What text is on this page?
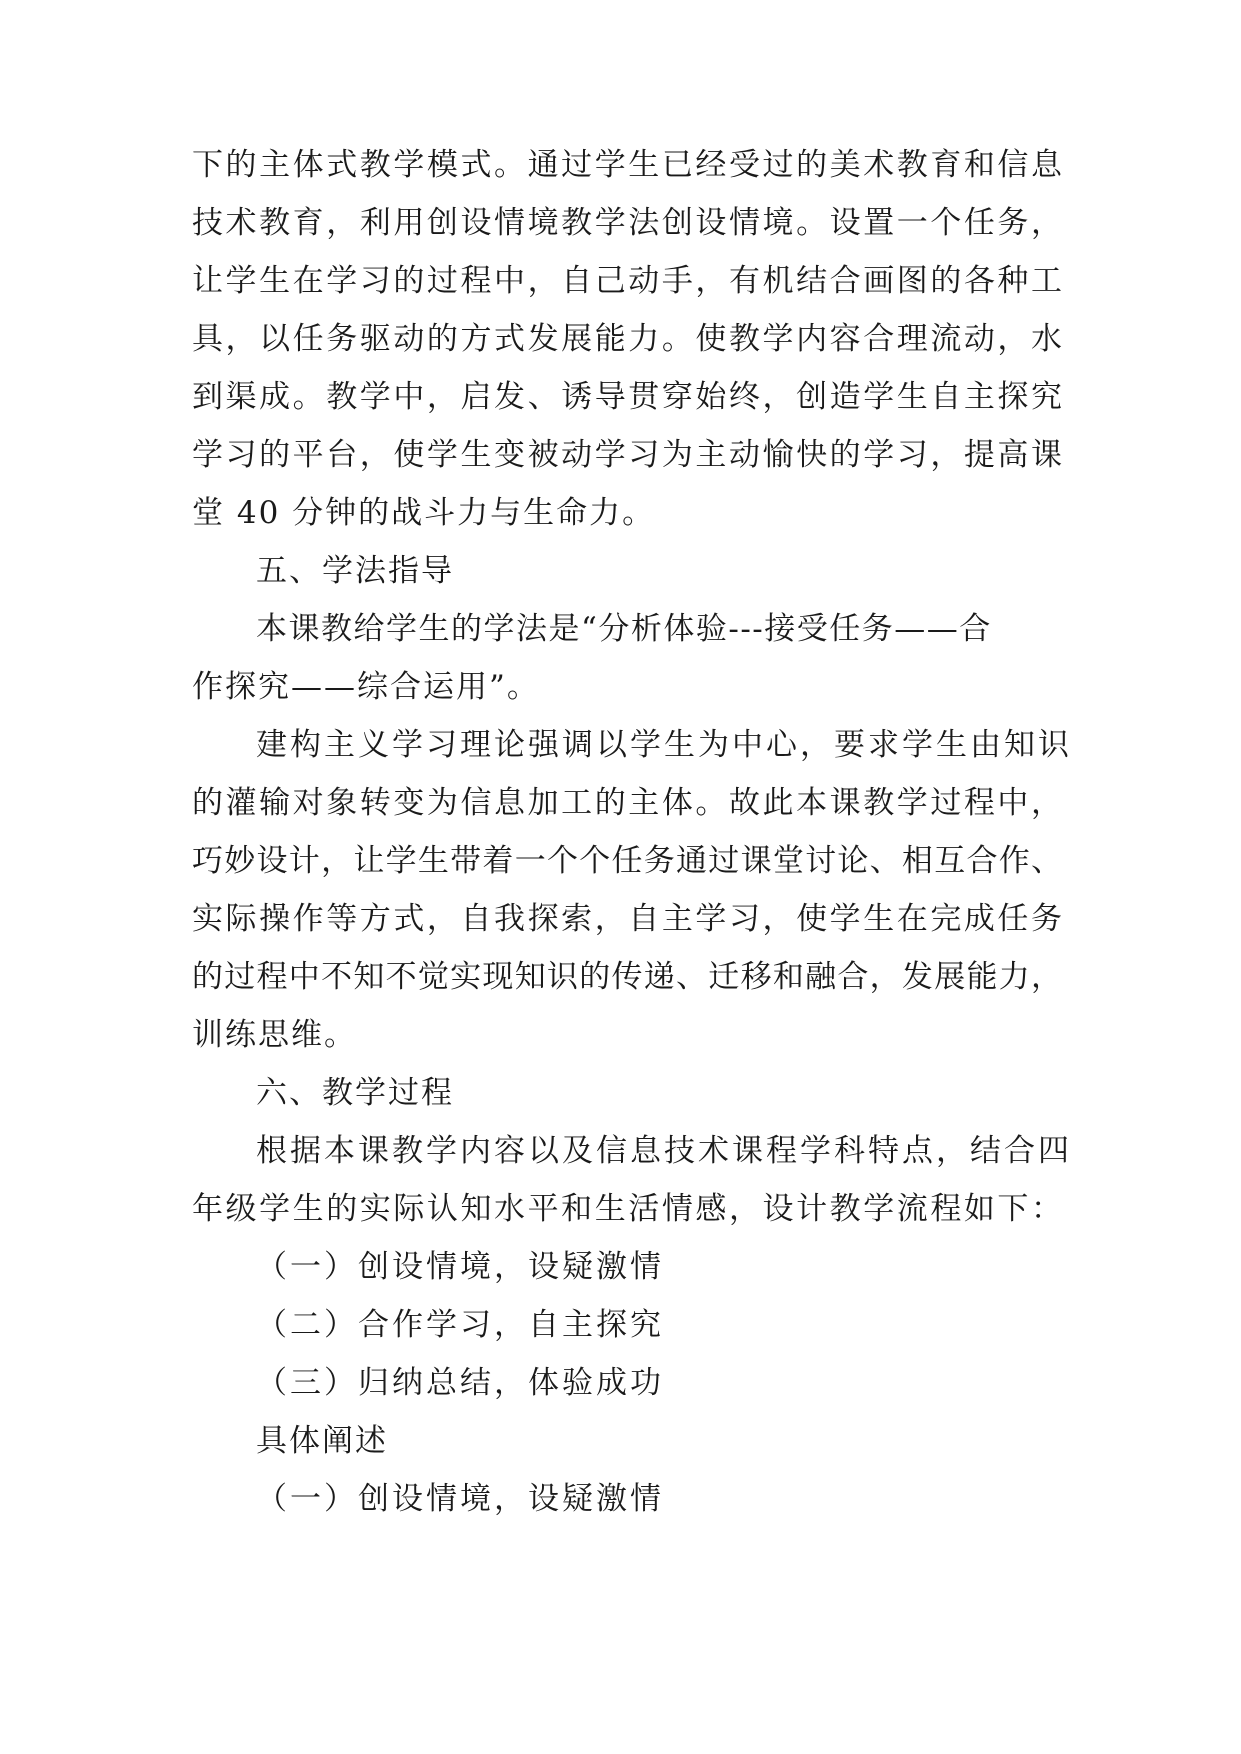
下的主体式教学模式。通过学生已经受过的美术教育和信息
技术教育，利用创设情境教学法创设情境。设置一个任务，
让学生在学习的过程中，自己动手，有机结合画图的各种工
具，以任务驱动的方式发展能力。使教学内容合理流动，水
到渠成。教学中，启发、诱导贯穿始终，创造学生自主探究
学习的平台，使学生变被动学习为主动愉快的学习，提高课
堂 40 分钟的战斗力与生命力。
五、学法指导
本课教给学生的学法是“分析体验---接受任务——合
作探究——综合运用”。
建构主义学习理论强调以学生为中心，要求学生由知识
的灌输对象转变为信息加工的主体。故此本课教学过程中，
巧妙设计，让学生带着一个个任务通过课堂讨论、相互合作、
实际操作等方式，自我探索，自主学习，使学生在完成任务
的过程中不知不觉实现知识的传递、迁移和融合，发展能力，
训练思维。
六、教学过程
根据本课教学内容以及信息技术课程学科特点，结合四
年级学生的实际认知水平和生活情感，设计教学流程如下：
（一）创设情境，设疑激情
（二）合作学习，自主探究
（三）归纳总结，体验成功
具体阐述
（一）创设情境，设疑激情
